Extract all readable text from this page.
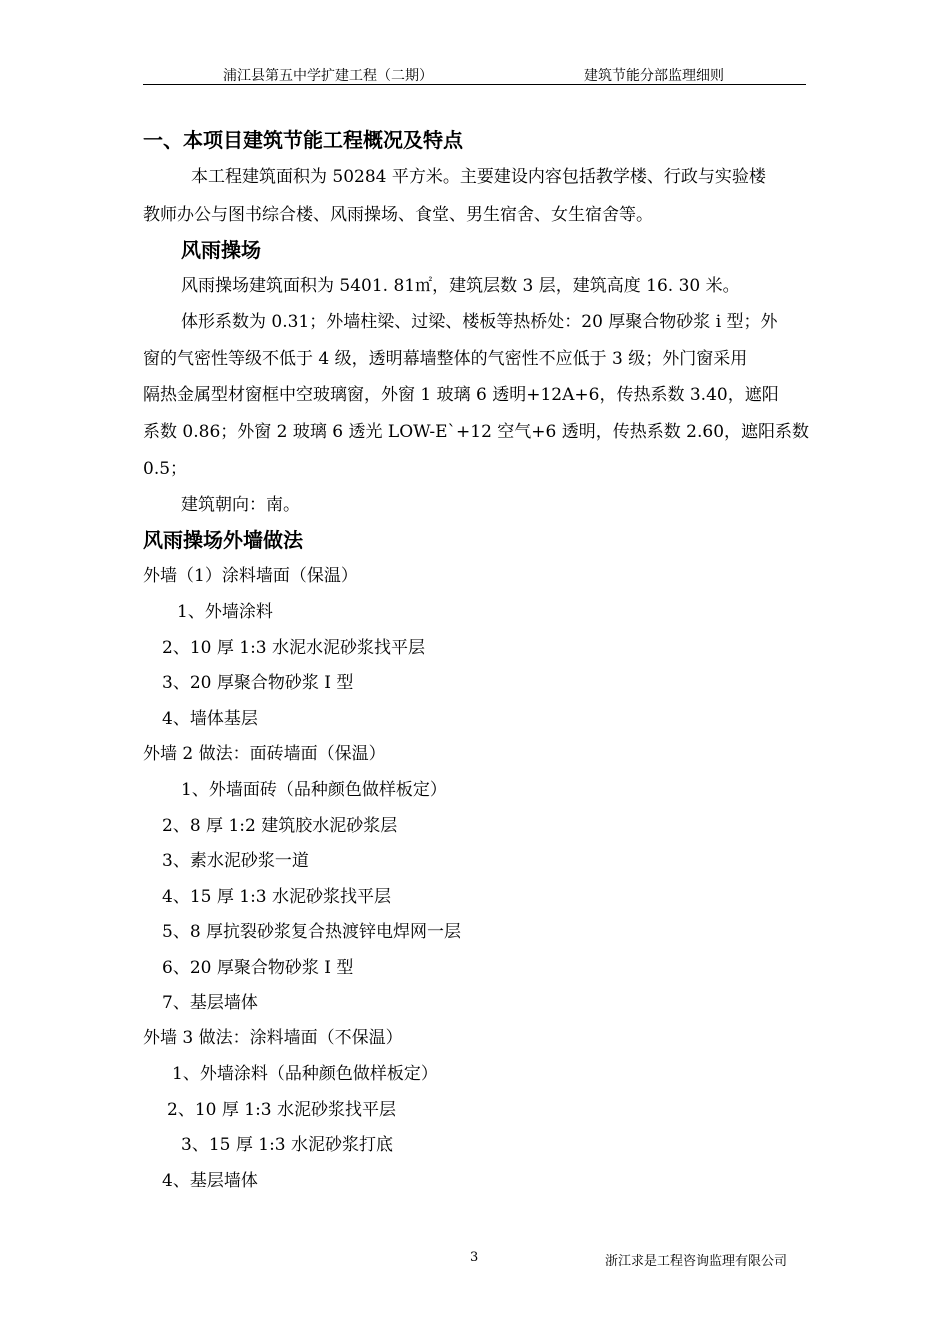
浦江县第五中学扩建工程（二期）	建筑节能分部监理细则
一、本项目建筑节能工程概况及特点
本工程建筑面积为 50284 平方米。主要建设内容包括教学楼、行政与实验楼
教师办公与图书综合楼、风雨操场、食堂、男生宿舍、女生宿舍等。
风雨操场
风雨操场建筑面积为 5401. 81㎡，建筑层数 3 层，建筑高度 16. 30 米。
体形系数为 0.31；外墙柱梁、过梁、楼板等热桥处：20 厚聚合物砂浆 i 型；外
窗的气密性等级不低于 4 级，透明幕墙整体的气密性不应低于 3 级；外门窗采用
隔热金属型材窗框中空玻璃窗，外窗 1 玻璃 6 透明+12A+6，传热系数 3.40，遮阳
系数 0.86；外窗 2 玻璃 6 透光 LOW-E`+12 空气+6 透明，传热系数 2.60，遮阳系数
0.5；
建筑朝向：南。
风雨操场外墙做法
外墙（1）涂料墙面（保温）
1、外墙涂料
2、10 厚 1:3 水泥水泥砂浆找平层
3、20 厚聚合物砂浆 I 型
4、墙体基层
外墙 2 做法：面砖墙面（保温）
1、外墙面砖（品种颜色做样板定）
2、8 厚 1:2 建筑胶水泥砂浆层
3、素水泥砂浆一道
4、15 厚 1:3 水泥砂浆找平层
5、8 厚抗裂砂浆复合热渡锌电焊网一层
6、20 厚聚合物砂浆 I 型
7、基层墙体
外墙 3 做法：涂料墙面（不保温）
1、外墙涂料（品种颜色做样板定）
2、10 厚 1:3 水泥砂浆找平层
3、15 厚 1:3 水泥砂浆打底
4、基层墙体
3	浙江求是工程咨询监理有限公司
